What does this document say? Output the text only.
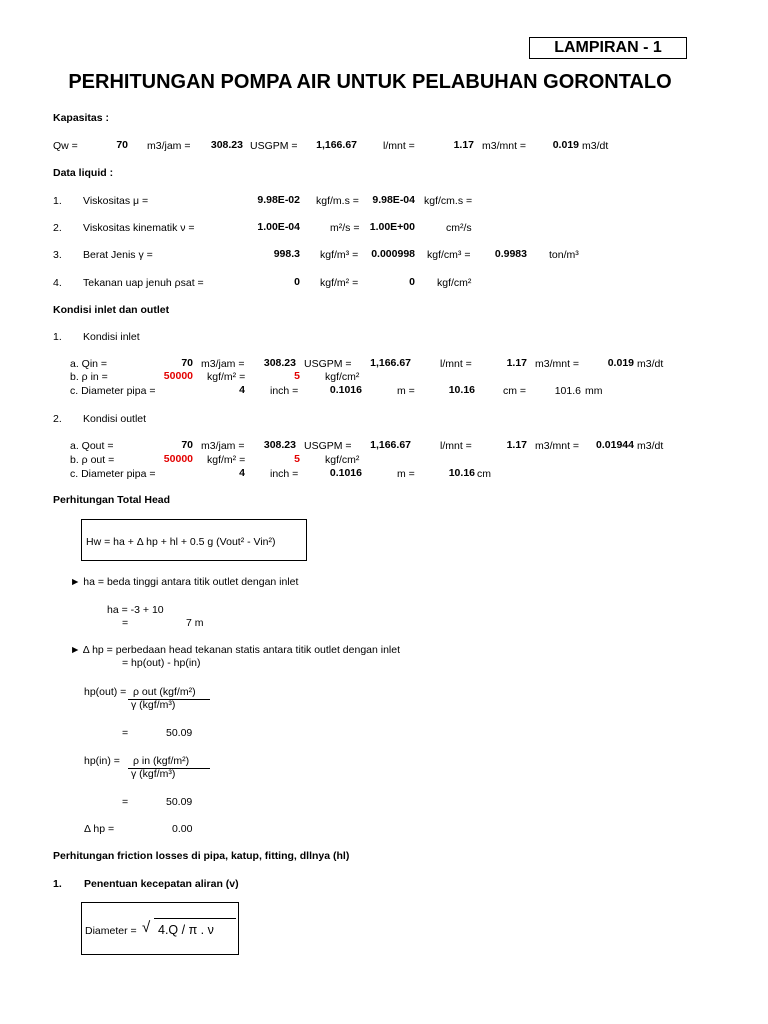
LAMPIRAN - 1
PERHITUNGAN POMPA AIR UNTUK PELABUHAN GORONTALO
Kapasitas :
Qw =	70 m3/jam =	308.23 USGPM =	1,166.67 l/mnt =	1.17 m3/mnt =	0.019 m3/dt
Data liquid :
1. Viskositas μ =	9.98E-02 kgf/m.s =	9.98E-04 kgf/cm.s =
2. Viskositas kinematik ν =	1.00E-04	m²/s = 1.00E+00	cm²/s
3. Berat Jenis γ =	998.3 kgf/m³ =	0.000998 kgf/cm³ =	0.9983 ton/m³
4. Tekanan uap jenuh ρsat =	0 kgf/m² =	0 kgf/cm²
Kondisi inlet dan outlet
1. Kondisi inlet
a. Qin =	70 m3/jam =	308.23 USGPM =	1,166.67	l/mnt =	1.17 m3/mnt =	0.019 m3/dt
b. ρ in =	50000 kgf/m² =	5 kgf/cm²
c. Diameter pipa =	4 inch =	0.1016	m =	10.16	cm =	101.6 mm
2. Kondisi outlet
a. Qout =	70 m3/jam =	308.23 USGPM =	1,166.67	l/mnt =	1.17 m3/mnt =	0.01944 m3/dt
b. ρ out =	50000 kgf/m² =	5 kgf/cm²
c. Diameter pipa =	4 inch =	0.1016	m =	10.16 cm
Perhitungan Total Head
Hw = ha + Δ hp + hl + 0.5 g (Vout² - Vin²)
► ha = beda tinggi antara titik outlet dengan inlet
ha = -3 + 10
=	7 m
► Δ hp = perbedaan head tekanan statis antara titik outlet dengan inlet
= hp(out) - hp(in)
hp(out) = ρ out (kgf/m²)
γ (kgf/m³)
=	50.09
hp(in) = ρ in (kgf/m²)
γ (kgf/m³)
=	50.09
Δ hp =	0.00
Perhitungan friction losses di pipa, katup, fitting, dllnya (hl)
1. Penentuan kecepatan aliran (v)
Diameter = √ 4.Q / π . ν
